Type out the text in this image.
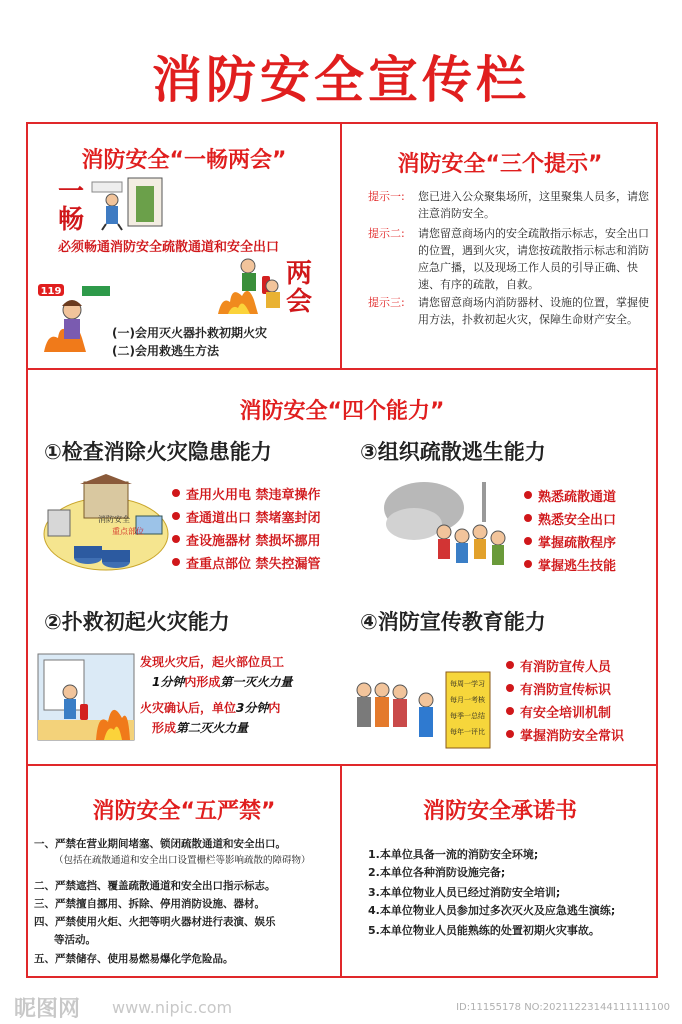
消防安全宣传栏
消防安全“一畅两会”
一
畅
必须畅通消防安全疏散通道和安全出口
两
会
119
(一)会用灭火器扑救初期火灾
(二)会用救逃生方法
消防安全“三个提示”
提示一:	您已进入公众聚集场所，这里聚集人员多，请您注意消防安全。
提示二:	请您留意商场内的安全疏散指示标志，安全出口的位置，遇到火灾，请您按疏散指示标志和消防应急广播，以及现场工作人员的引导正确、快速、有序的疏散，自救。
提示三:	请您留意商场内消防器材、设施的位置，掌握使用方法，扑救初起火灾，保障生命财产安全。
消防安全“四个能力”
①检查消除火灾隐患能力
消防安全
重点部位
查用火用电 禁违章操作
查通道出口 禁堵塞封闭
查设施器材 禁损坏挪用
查重点部位 禁失控漏管
③组织疏散逃生能力
熟悉疏散通道
熟悉安全出口
掌握疏散程序
掌握逃生技能
②扑救初起火灾能力
发现火灾后，起火部位员工
1分钟内形成第一灭火力量
火灾确认后，单位3分钟内
形成第二灭火力量
④消防宣传教育能力
每周一学习
每月一考核
每季一总结
每年一评比
有消防宣传人员
有消防宣传标识
有安全培训机制
掌握消防安全常识
消防安全“五严禁”
一、严禁在营业期间堵塞、锁闭疏散通道和安全出口。
（包括在疏散通道和安全出口设置栅栏等影响疏散的障碍物）
二、严禁遮挡、覆盖疏散通道和安全出口指示标志。
三、严禁擅自挪用、拆除、停用消防设施、器材。
四、严禁使用火炬、火把等明火器材进行表演、娱乐
等活动。
五、严禁储存、使用易燃易爆化学危险品。
消防安全承诺书
1.本单位具备一流的消防安全环境;
2.本单位各种消防设施完备;
3.本单位物业人员已经过消防安全培训;
4.本单位物业人员参加过多次灭火及应急逃生演练;
5.本单位物业人员能熟练的处置初期火灾事故。
昵图网 www.nipic.com	ID:11155178 NO:20211223144111111100
